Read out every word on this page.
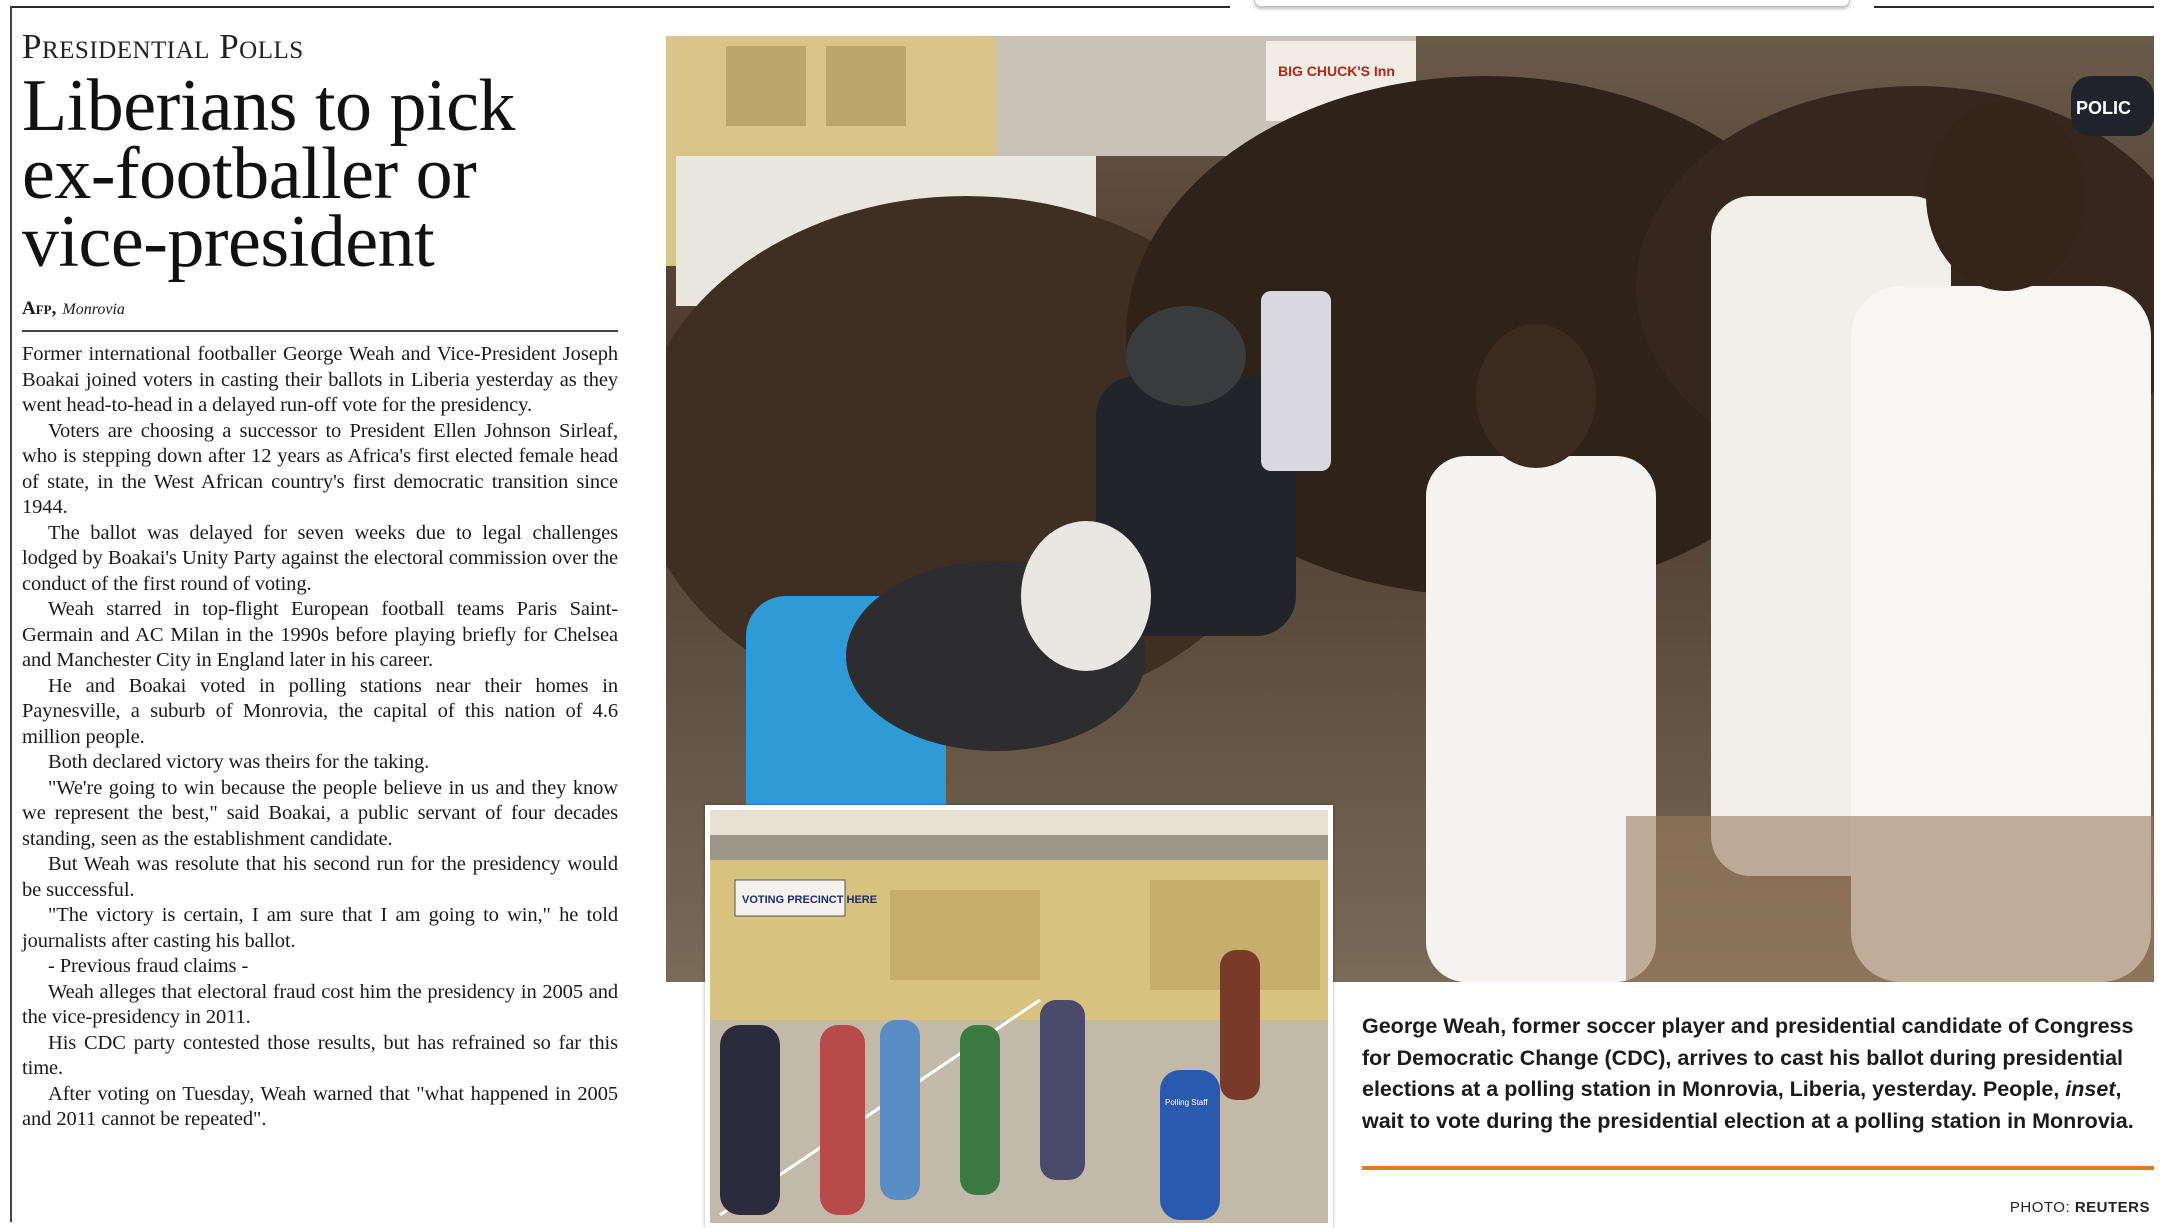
Presidential Polls
Liberians to pick ex-footballer or vice-president
Afp, Monrovia

Former international footballer George Weah and Vice-President Joseph Boakai joined voters in casting their ballots in Liberia yesterday as they went head-to-head in a delayed run-off vote for the presidency.

Voters are choosing a successor to President Ellen Johnson Sirleaf, who is stepping down after 12 years as Africa's first elected female head of state, in the West African country's first democratic transition since 1944.

The ballot was delayed for seven weeks due to legal challenges lodged by Boakai's Unity Party against the electoral commission over the conduct of the first round of voting.

Weah starred in top-flight European football teams Paris Saint-Germain and AC Milan in the 1990s before playing briefly for Chelsea and Manchester City in England later in his career.

He and Boakai voted in polling stations near their homes in Paynesville, a suburb of Monrovia, the capital of this nation of 4.6 million people.

Both declared victory was theirs for the taking.

"We're going to win because the people believe in us and they know we represent the best," said Boakai, a public servant of four decades standing, seen as the establishment candidate.

But Weah was resolute that his second run for the presidency would be successful.

"The victory is certain, I am sure that I am going to win," he told journalists after casting his ballot.

- Previous fraud claims -

Weah alleges that electoral fraud cost him the presidency in 2005 and the vice-presidency in 2011.

His CDC party contested those results, but has refrained so far this time.

After voting on Tuesday, Weah warned that "what happened in 2005 and 2011 cannot be repeated".

BIG CHUCK'S Inn
POLIC
VOTING PRECINCT HERE
Polling Staff
George Weah, former soccer player and presidential candidate of Congress for Democratic Change (CDC), arrives to cast his ballot during presidential elections at a polling station in Monrovia, Liberia, yesterday. People, inset, wait to vote during the presidential election at a polling station in Monrovia.
PHOTO: REUTERS
